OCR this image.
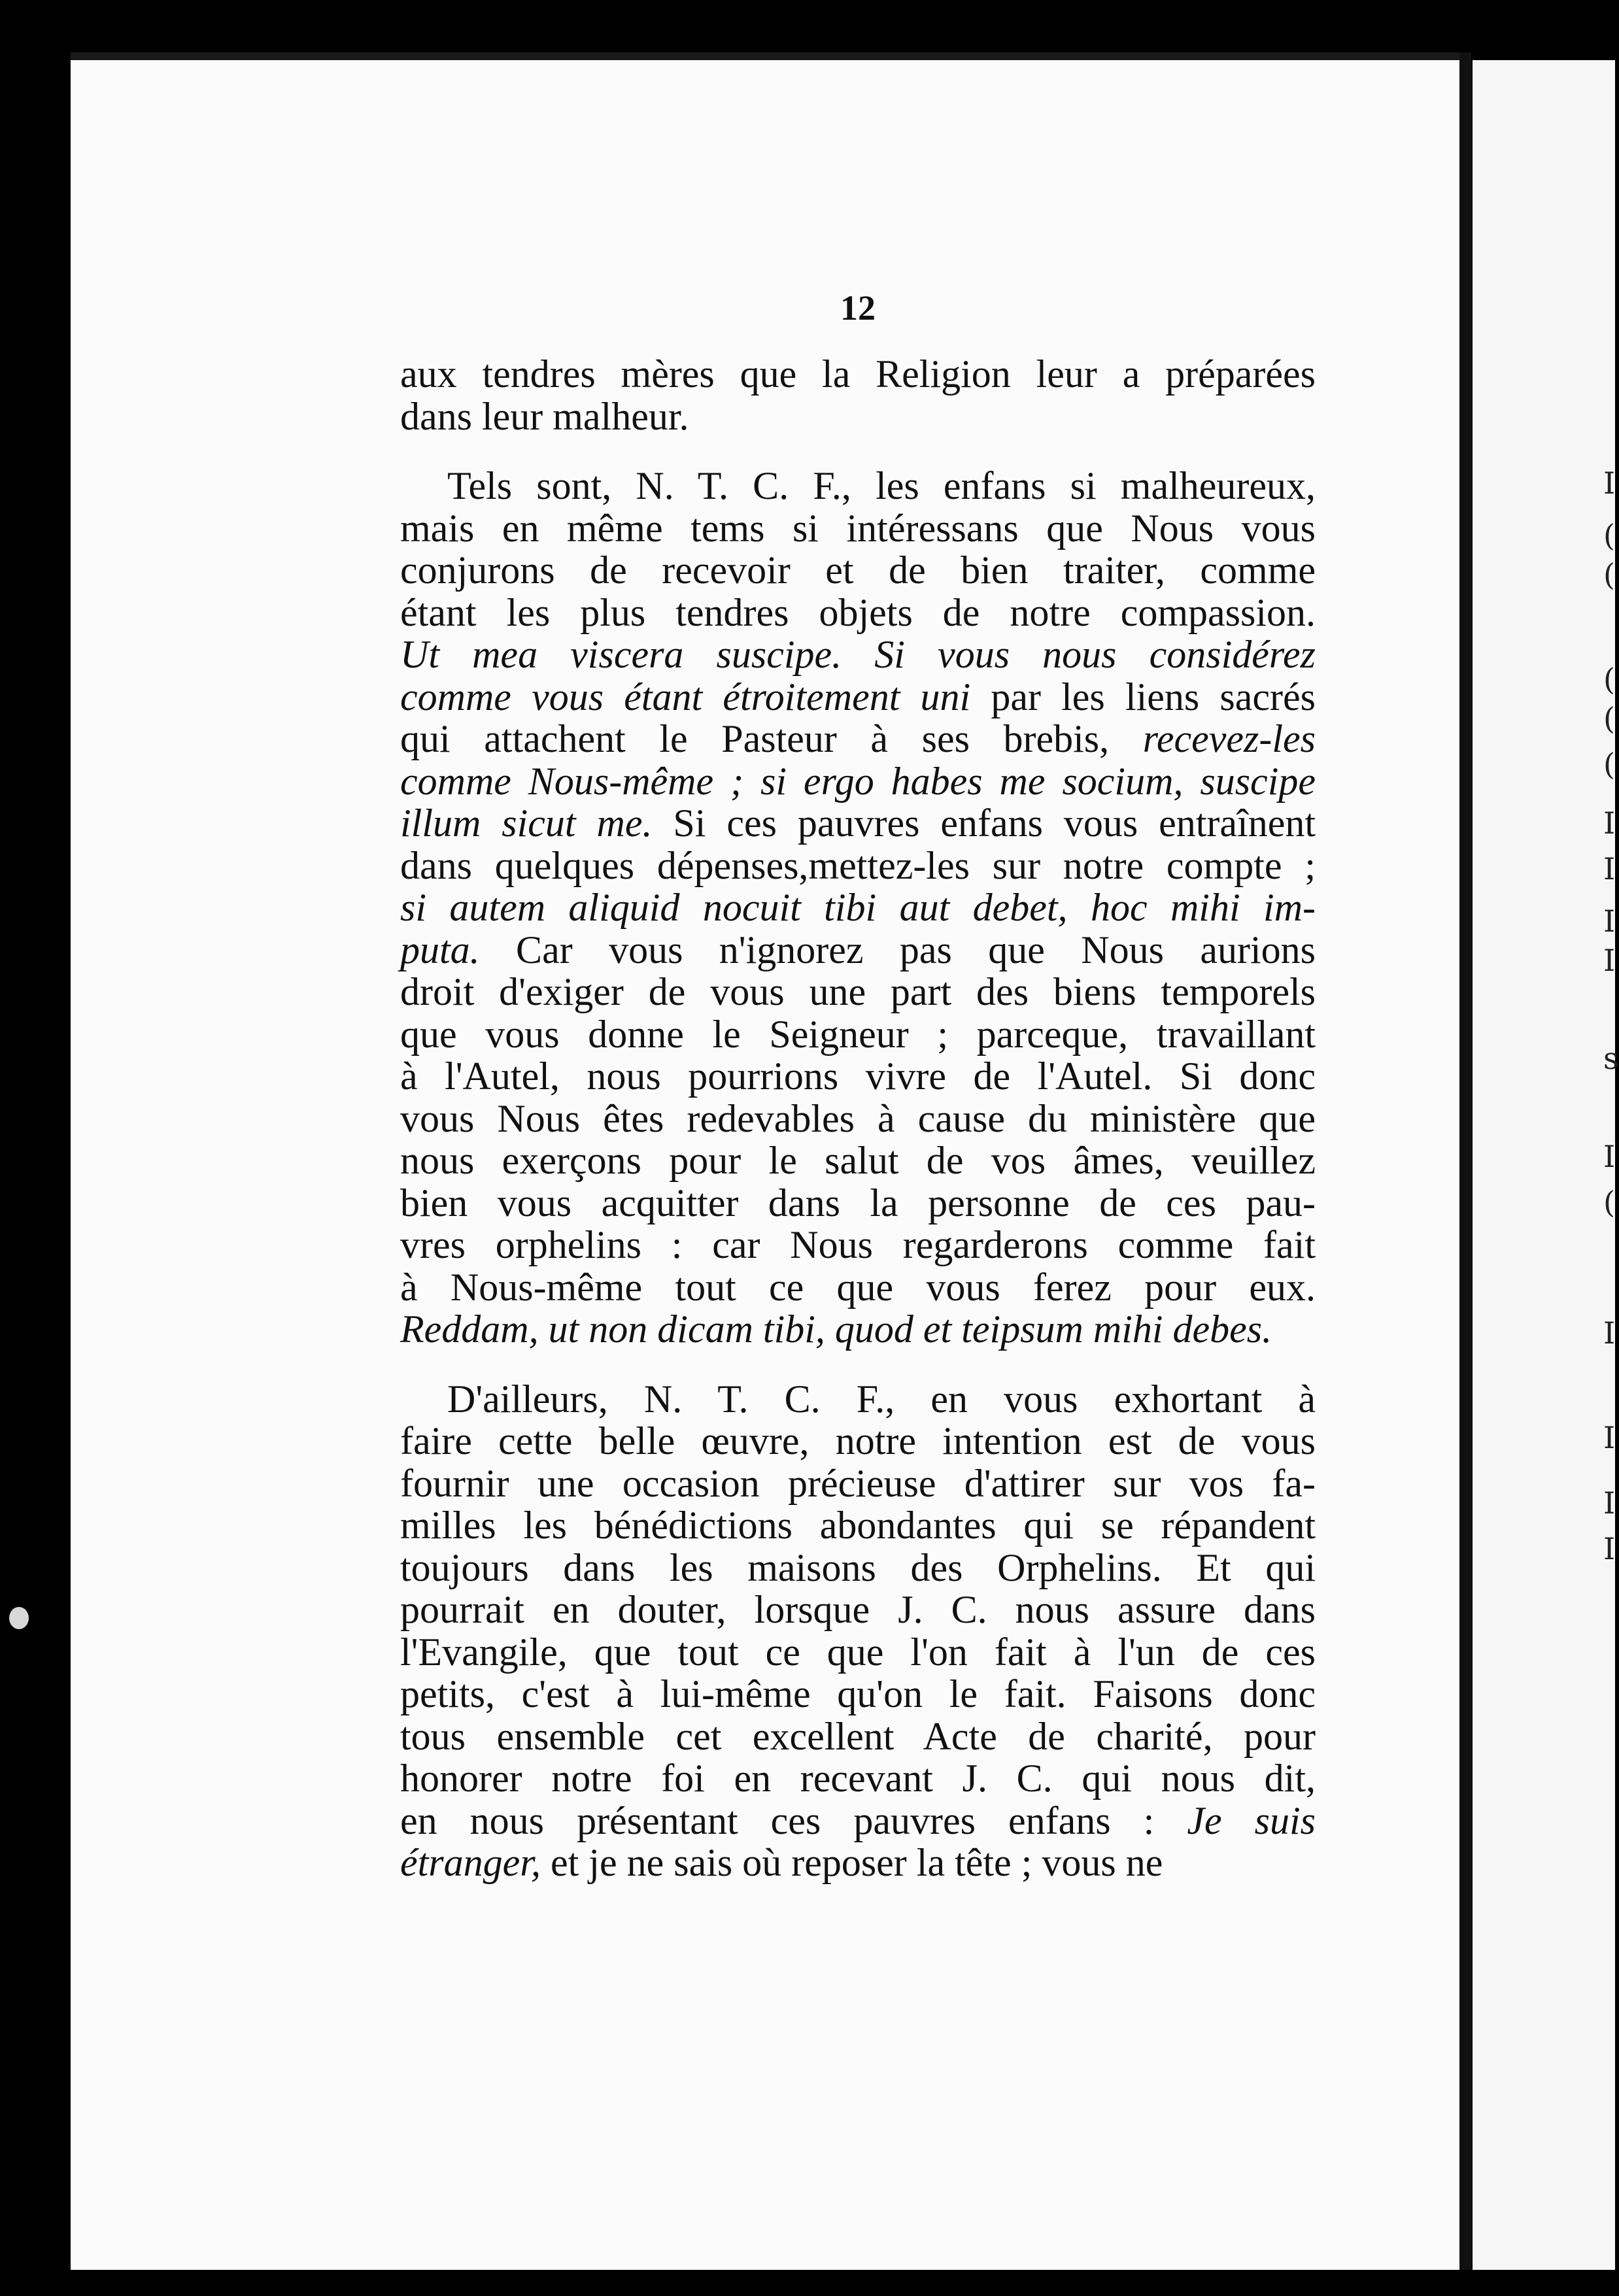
I
(
(
(
(
(
I
I
I
I
s
I
(
I
I
I
I
12

aux tendres mères que la Religion leur a préparées
dans leur malheur.

Tels sont, N. T. C. F., les enfans si malheureux,
mais en même tems si intéressans que Nous vous
conjurons de recevoir et de bien traiter, comme
étant les plus tendres objets de notre compassion.
Ut mea viscera suscipe. Si vous nous considérez
comme vous étant étroitement uni par les liens sacrés
qui attachent le Pasteur à ses brebis, recevez-les
comme Nous-même ; si ergo habes me socium, suscipe
illum sicut me. Si ces pauvres enfans vous entraînent
dans quelques dépenses,mettez-les sur notre compte ;
si autem aliquid nocuit tibi aut debet, hoc mihi im-
puta. Car vous n'ignorez pas que Nous aurions
droit d'exiger de vous une part des biens temporels
que vous donne le Seigneur ; parceque, travaillant
à l'Autel, nous pourrions vivre de l'Autel. Si donc
vous Nous êtes redevables à cause du ministère que
nous exerçons pour le salut de vos âmes, veuillez
bien vous acquitter dans la personne de ces pau-
vres orphelins : car Nous regarderons comme fait
à Nous-même tout ce que vous ferez pour eux.
Reddam, ut non dicam tibi, quod et teipsum mihi debes.

D'ailleurs, N. T. C. F., en vous exhortant à
faire cette belle œuvre, notre intention est de vous
fournir une occasion précieuse d'attirer sur vos fa-
milles les bénédictions abondantes qui se répandent
toujours dans les maisons des Orphelins. Et qui
pourrait en douter, lorsque J. C. nous assure dans
l'Evangile, que tout ce que l'on fait à l'un de ces
petits, c'est à lui-même qu'on le fait. Faisons donc
tous ensemble cet excellent Acte de charité, pour
honorer notre foi en recevant J. C. qui nous dit,
en nous présentant ces pauvres enfans : Je suis
étranger, et je ne sais où reposer la tête ; vous ne
